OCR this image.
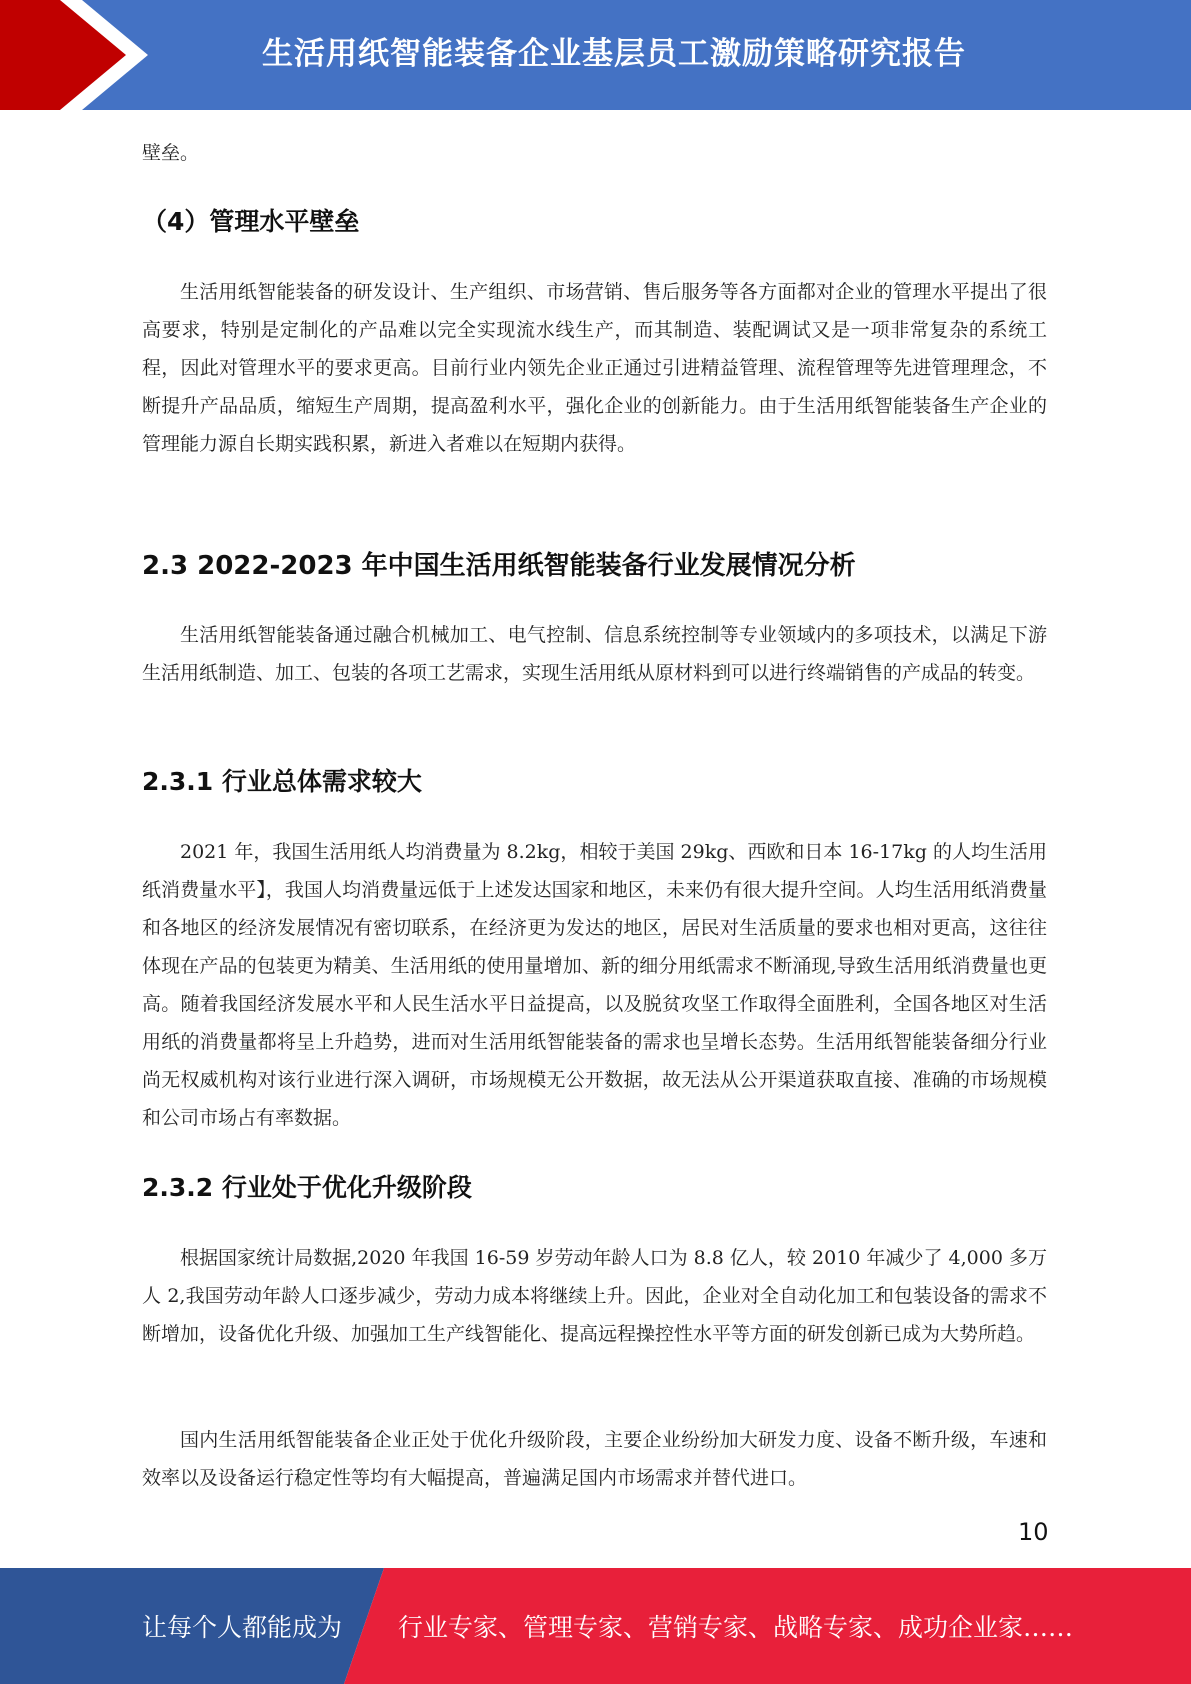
生活用纸智能装备企业基层员工激励策略研究报告

壁垒。

（4）管理水平壁垒

生活用纸智能装备的研发设计、生产组织、市场营销、售后服务等各方面都对企业的管理水平提出了很高要求，特别是定制化的产品难以完全实现流水线生产，而其制造、装配调试又是一项非常复杂的系统工程，因此对管理水平的要求更高。目前行业内领先企业正通过引进精益管理、流程管理等先进管理理念，不断提升产品品质，缩短生产周期，提高盈利水平，强化企业的创新能力。由于生活用纸智能装备生产企业的管理能力源自长期实践积累，新进入者难以在短期内获得。

2.3 2022-2023 年中国生活用纸智能装备行业发展情况分析

生活用纸智能装备通过融合机械加工、电气控制、信息系统控制等专业领域内的多项技术，以满足下游生活用纸制造、加工、包装的各项工艺需求，实现生活用纸从原材料到可以进行终端销售的产成品的转变。

2.3.1 行业总体需求较大

2021 年，我国生活用纸人均消费量为 8.2kg，相较于美国 29kg、西欧和日本 16-17kg 的人均生活用纸消费量水平】，我国人均消费量远低于上述发达国家和地区，未来仍有很大提升空间。人均生活用纸消费量和各地区的经济发展情况有密切联系，在经济更为发达的地区，居民对生活质量的要求也相对更高，这往往体现在产品的包装更为精美、生活用纸的使用量增加、新的细分用纸需求不断涌现,导致生活用纸消费量也更高。随着我国经济发展水平和人民生活水平日益提高，以及脱贫攻坚工作取得全面胜利，全国各地区对生活用纸的消费量都将呈上升趋势，进而对生活用纸智能装备的需求也呈增长态势。生活用纸智能装备细分行业尚无权威机构对该行业进行深入调研，市场规模无公开数据，故无法从公开渠道获取直接、准确的市场规模和公司市场占有率数据。

2.3.2 行业处于优化升级阶段

根据国家统计局数据,2020 年我国 16-59 岁劳动年龄人口为 8.8 亿人，较 2010 年减少了 4,000 多万人 2,我国劳动年龄人口逐步减少，劳动力成本将继续上升。因此，企业对全自动化加工和包装设备的需求不断增加，设备优化升级、加强加工生产线智能化、提高远程操控性水平等方面的研发创新已成为大势所趋。

国内生活用纸智能装备企业正处于优化升级阶段，主要企业纷纷加大研发力度、设备不断升级，车速和效率以及设备运行稳定性等均有大幅提高，普遍满足国内市场需求并替代进口。

10
让每个人都能成为 行业专家、管理专家、营销专家、战略专家、成功企业家……
